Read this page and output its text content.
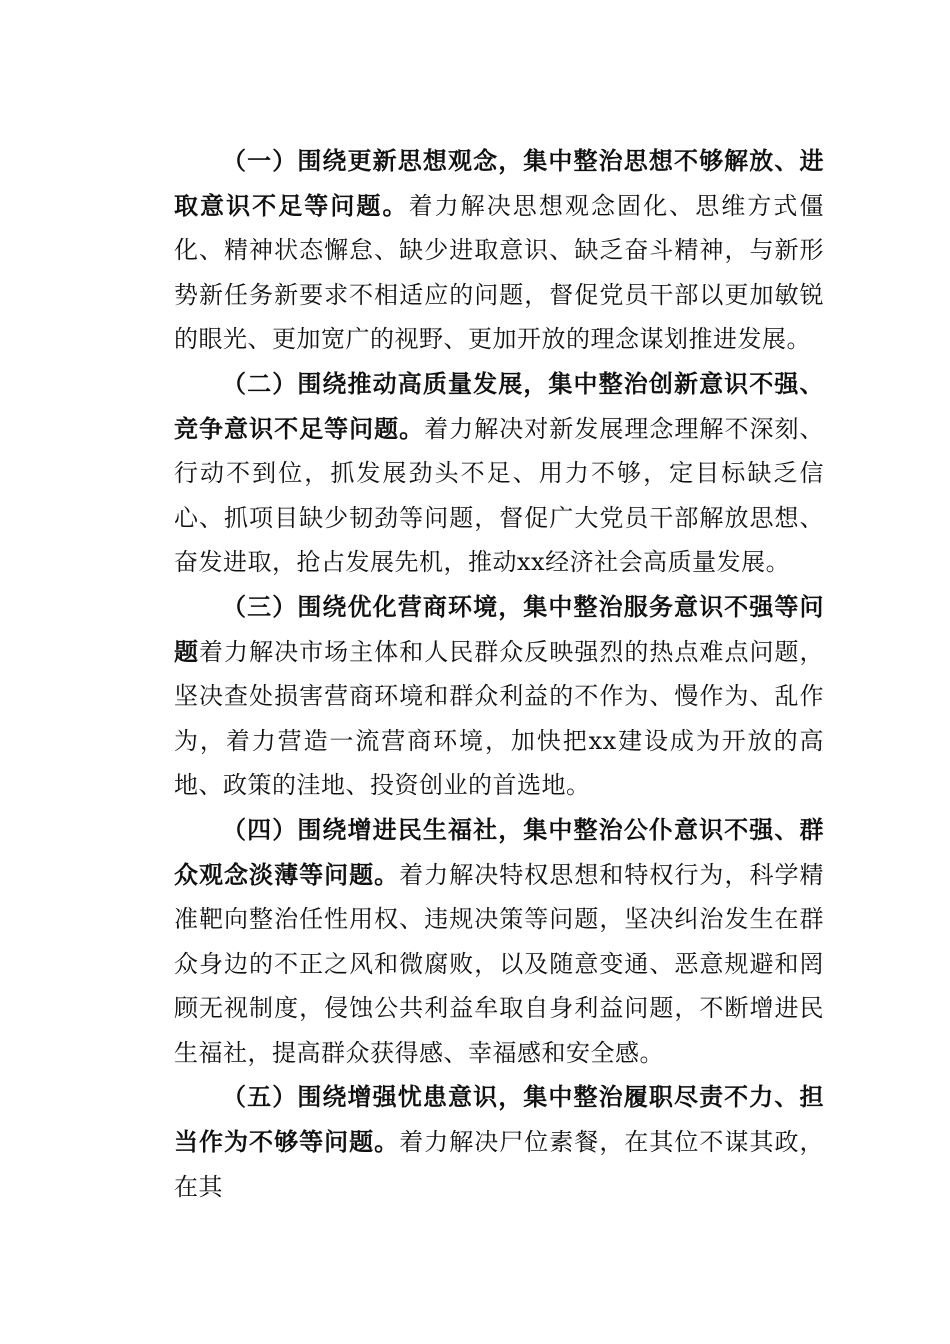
（一）围绕更新思想观念，集中整治思想不够解放、进取意识不足等问题。着力解决思想观念固化、思维方式僵化、精神状态懈怠、缺少进取意识、缺乏奋斗精神，与新形势新任务新要求不相适应的问题，督促党员干部以更加敏锐的眼光、更加宽广的视野、更加开放的理念谋划推进发展。

（二）围绕推动高质量发展，集中整治创新意识不强、竞争意识不足等问题。着力解决对新发展理念理解不深刻、行动不到位，抓发展劲头不足、用力不够，定目标缺乏信心、抓项目缺少韧劲等问题，督促广大党员干部解放思想、奋发进取，抢占发展先机，推动xx经济社会高质量发展。

（三）围绕优化营商环境，集中整治服务意识不强等问题着力解决市场主体和人民群众反映强烈的热点难点问题，坚决查处损害营商环境和群众利益的不作为、慢作为、乱作为，着力营造一流营商环境，加快把xx建设成为开放的高地、政策的洼地、投资创业的首选地。

（四）围绕增进民生福社，集中整治公仆意识不强、群众观念淡薄等问题。着力解决特权思想和特权行为，科学精准靶向整治任性用权、违规决策等问题，坚决纠治发生在群众身边的不正之风和微腐败，以及随意变通、恶意规避和罔顾无视制度，侵蚀公共利益牟取自身利益问题，不断增进民生福社，提高群众获得感、幸福感和安全感。

（五）围绕增强忧患意识，集中整治履职尽责不力、担当作为不够等问题。着力解决尸位素餐，在其位不谋其政，在其
